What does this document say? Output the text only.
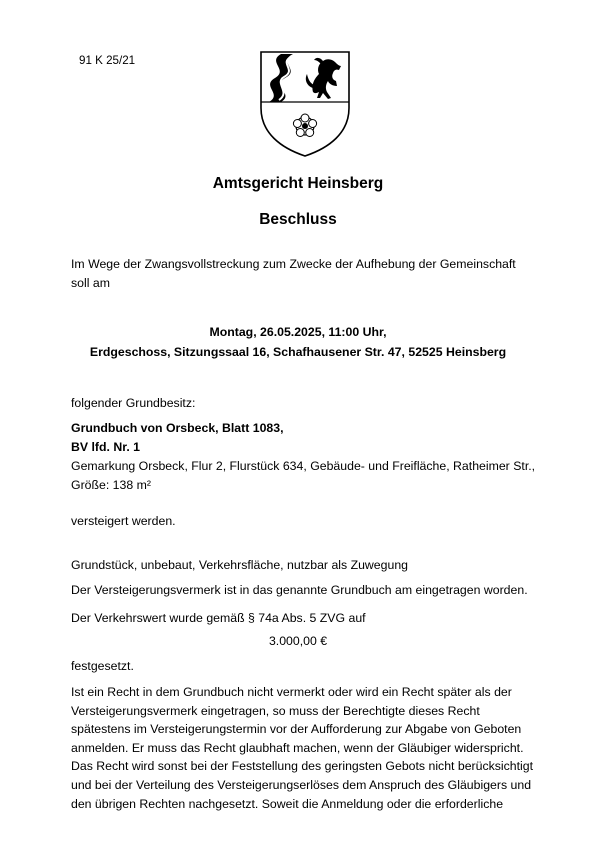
91 K 25/21
Amtsgericht Heinsberg
Beschluss
Im Wege der Zwangsvollstreckung zum Zwecke der Aufhebung der Gemeinschaft
soll am
Montag, 26.05.2025, 11:00 Uhr,
Erdgeschoss, Sitzungssaal 16, Schafhausener Str. 47, 52525 Heinsberg
folgender Grundbesitz:
Grundbuch von Orsbeck, Blatt 1083,
BV lfd. Nr. 1
Gemarkung Orsbeck, Flur 2, Flurstück 634, Gebäude- und Freifläche, Ratheimer Str.,
Größe: 138 m²
versteigert werden.
Grundstück, unbebaut, Verkehrsfläche, nutzbar als Zuwegung
Der Versteigerungsvermerk ist in das genannte Grundbuch am eingetragen worden.
Der Verkehrswert wurde gemäß § 74a Abs. 5 ZVG auf
3.000,00 €
festgesetzt.
Ist ein Recht in dem Grundbuch nicht vermerkt oder wird ein Recht später als der
Versteigerungsvermerk eingetragen, so muss der Berechtigte dieses Recht
spätestens im Versteigerungstermin vor der Aufforderung zur Abgabe von Geboten
anmelden. Er muss das Recht glaubhaft machen, wenn der Gläubiger widerspricht.
Das Recht wird sonst bei der Feststellung des geringsten Gebots nicht berücksichtigt
und bei der Verteilung des Versteigerungserlöses dem Anspruch des Gläubigers und
den übrigen Rechten nachgesetzt. Soweit die Anmeldung oder die erforderliche
